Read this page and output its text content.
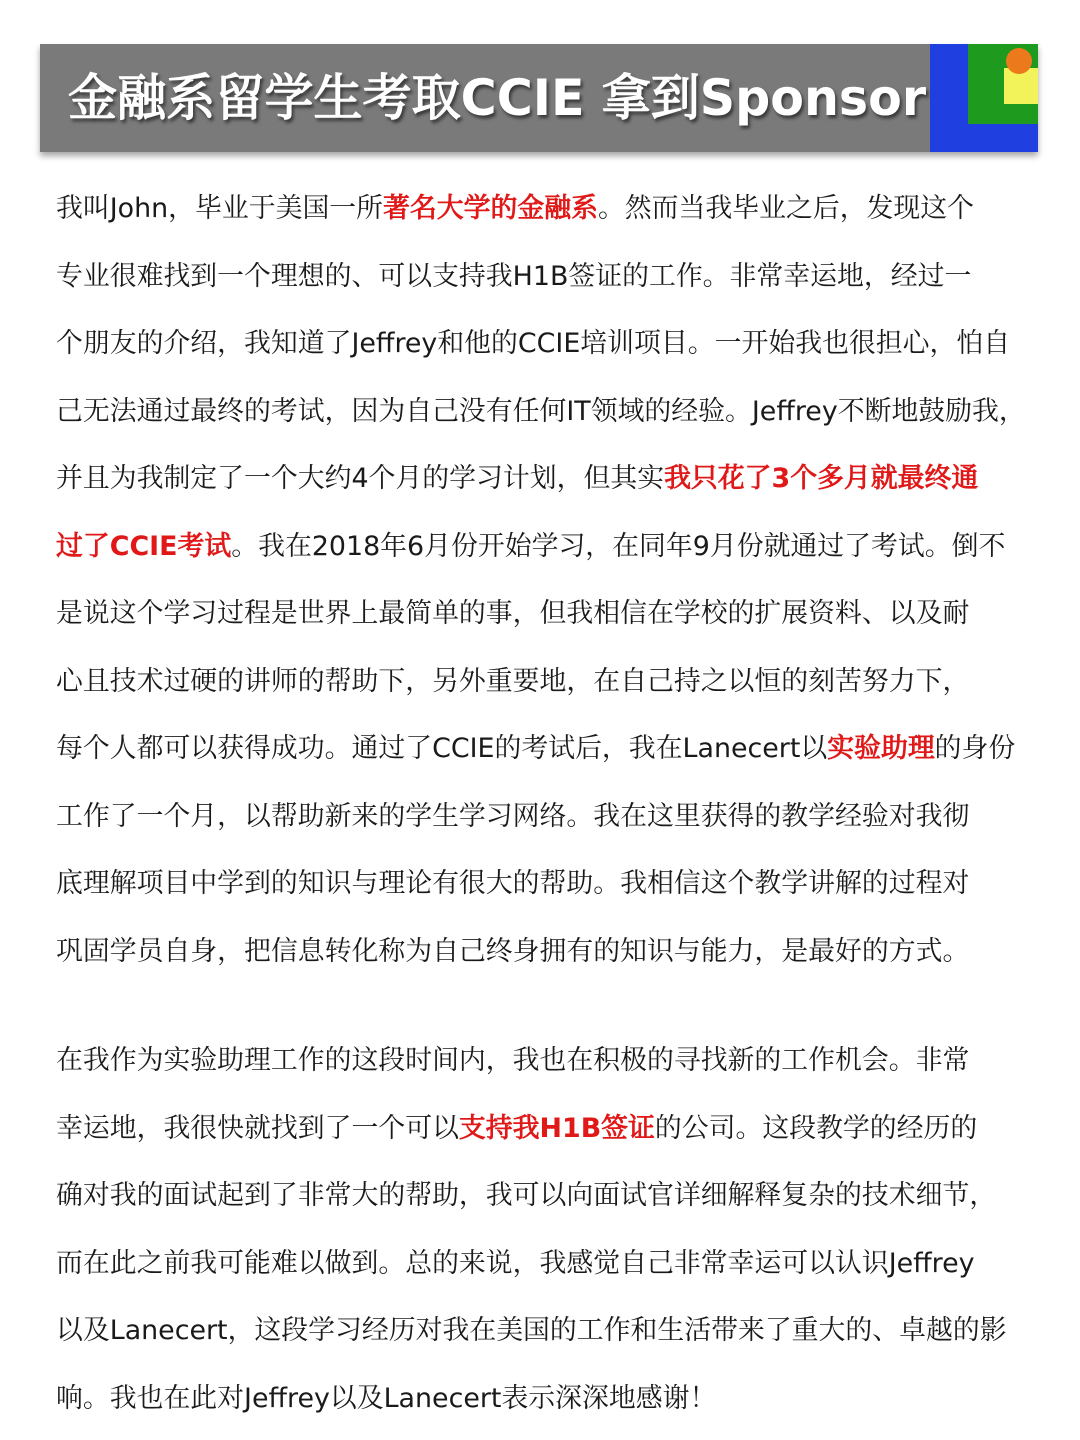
金融系留学生考取CCIE 拿到Sponsor
我叫John，毕业于美国一所著名大学的金融系。然而当我毕业之后，发现这个
专业很难找到一个理想的、可以支持我H1B签证的工作。非常幸运地，经过一
个朋友的介绍，我知道了Jeffrey和他的CCIE培训项目。一开始我也很担心，怕自
己无法通过最终的考试，因为自己没有任何IT领域的经验。Jeffrey不断地鼓励我，
并且为我制定了一个大约4个月的学习计划，但其实我只花了3个多月就最终通
过了CCIE考试。我在2018年6月份开始学习，在同年9月份就通过了考试。倒不
是说这个学习过程是世界上最简单的事，但我相信在学校的扩展资料、以及耐
心且技术过硬的讲师的帮助下，另外重要地，在自己持之以恒的刻苦努力下，
每个人都可以获得成功。通过了CCIE的考试后，我在Lanecert以实验助理的身份
工作了一个月，以帮助新来的学生学习网络。我在这里获得的教学经验对我彻
底理解项目中学到的知识与理论有很大的帮助。我相信这个教学讲解的过程对
巩固学员自身，把信息转化称为自己终身拥有的知识与能力，是最好的方式。
在我作为实验助理工作的这段时间内，我也在积极的寻找新的工作机会。非常
幸运地，我很快就找到了一个可以支持我H1B签证的公司。这段教学的经历的
确对我的面试起到了非常大的帮助，我可以向面试官详细解释复杂的技术细节，
而在此之前我可能难以做到。总的来说，我感觉自己非常幸运可以认识Jeffrey
以及Lanecert，这段学习经历对我在美国的工作和生活带来了重大的、卓越的影
响。我也在此对Jeffrey以及Lanecert表示深深地感谢！
